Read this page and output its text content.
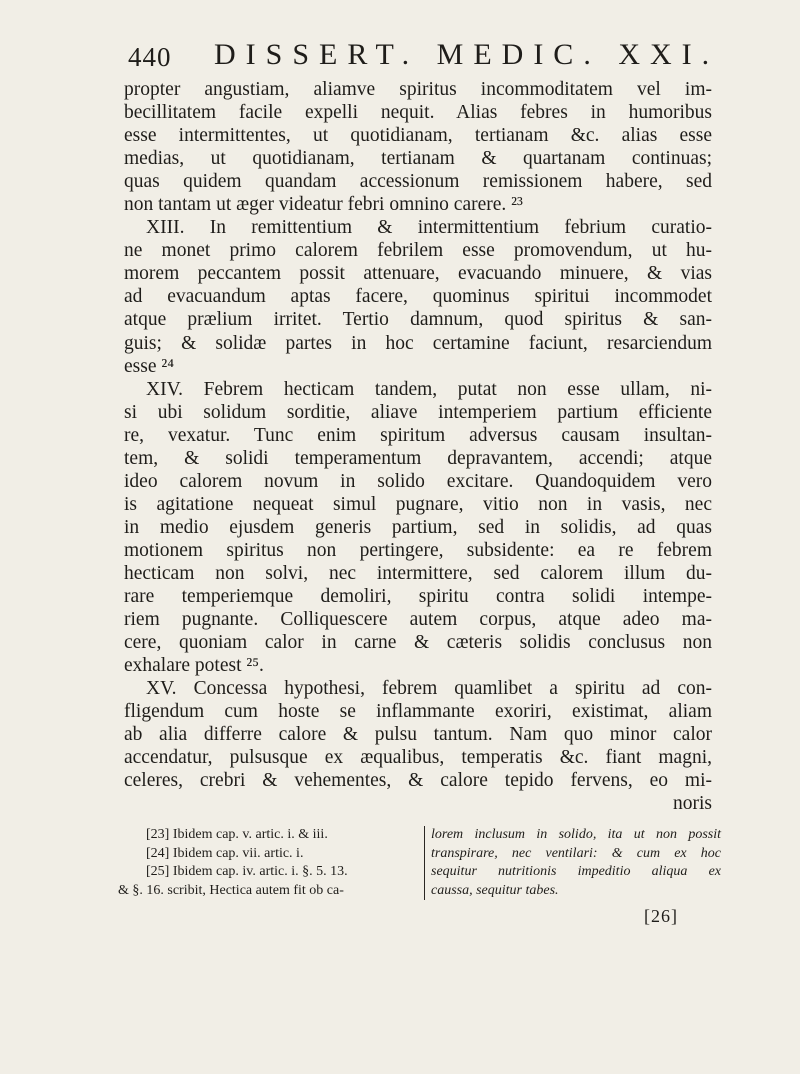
440 DISSERT. MEDIC. XXI.
propter angustiam, aliamve spiritus incommoditatem vel im-
becillitatem facile expelli nequit. Alias febres in humoribus
esse intermittentes, ut quotidianam, tertianam &c. alias esse
medias, ut quotidianam, tertianam & quartanam continuas;
quas quidem quandam accessionum remissionem habere, sed
non tantam ut æger videatur febri omnino carere. ²³
XIII. In remittentium & intermittentium febrium curatio-
ne monet primo calorem febrilem esse promovendum, ut hu-
morem peccantem possit attenuare, evacuando minuere, & vias
ad evacuandum aptas facere, quominus spiritui incommodet
atque prælium irritet. Tertio damnum, quod spiritus & san-
guis; & solidæ partes in hoc certamine faciunt, resarciendum
esse ²⁴
XIV. Febrem hecticam tandem, putat non esse ullam, ni-
si ubi solidum sorditie, aliave intemperiem partium efficiente
re, vexatur. Tunc enim spiritum adversus causam insultan-
tem, & solidi temperamentum depravantem, accendi; atque
ideo calorem novum in solido excitare. Quandoquidem vero
is agitatione nequeat simul pugnare, vitio non in vasis, nec
in medio ejusdem generis partium, sed in solidis, ad quas
motionem spiritus non pertingere, subsidente: ea re febrem
hecticam non solvi, nec intermittere, sed calorem illum du-
rare temperiemque demoliri, spiritu contra solidi intempe-
riem pugnante. Colliquescere autem corpus, atque adeo ma-
cere, quoniam calor in carne & cæteris solidis conclusus non
exhalare potest ²⁵.
XV. Concessa hypothesi, febrem quamlibet a spiritu ad con-
fligendum cum hoste se inflammante exoriri, existimat, aliam
ab alia differre calore & pulsu tantum. Nam quo minor calor
accendatur, pulsusque ex æqualibus, temperatis &c. fiant magni,
celeres, crebri & vehementes, & calore tepido fervens, eo mi-
noris
[23] Ibidem cap. v. artic. i. & iii.
[24] Ibidem cap. vii. artic. i.
[25] Ibidem cap. iv. artic. i. §. 5. 13.
& §. 16. scribit, Hectica autem fit ob ca-
lorem inclusum in solido, ita ut non possit
transpirare, nec ventilari: & cum ex hoc
sequitur nutritionis impeditio aliqua ex
caussa, sequitur tabes.
[26]
